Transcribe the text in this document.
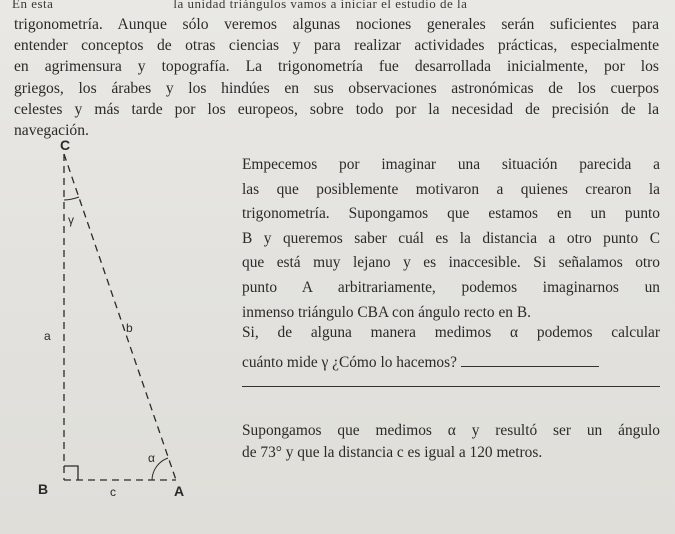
En esta	la unidad triángulos vamos a iniciar el estudio de la
trigonometría. Aunque sólo veremos algunas nociones generales serán suficientes para
entender conceptos de otras ciencias y para realizar actividades prácticas, especialmente
en agrimensura y topografía. La trigonometría fue desarrollada inicialmente, por los
griegos, los árabes y los hindúes en sus observaciones astronómicas de los cuerpos
celestes y más tarde por los europeos, sobre todo por la necesidad de precisión de la
navegación.
C
B	A
a
b
c
γ
α
Empecemos por imaginar una situación parecida a
las que posiblemente motivaron a quienes crearon la
trigonometría. Supongamos que estamos en un punto
B y queremos saber cuál es la distancia a otro punto C
que está muy lejano y es inaccesible. Si señalamos otro
punto A arbitrariamente, podemos imaginarnos un
inmenso triángulo CBA con ángulo recto en B.
Si, de alguna manera medimos α podemos calcular
cuánto mide γ ¿Cómo lo hacemos?
Supongamos que medimos α y resultó ser un ángulo
de 73° y que la distancia c es igual a 120 metros.
